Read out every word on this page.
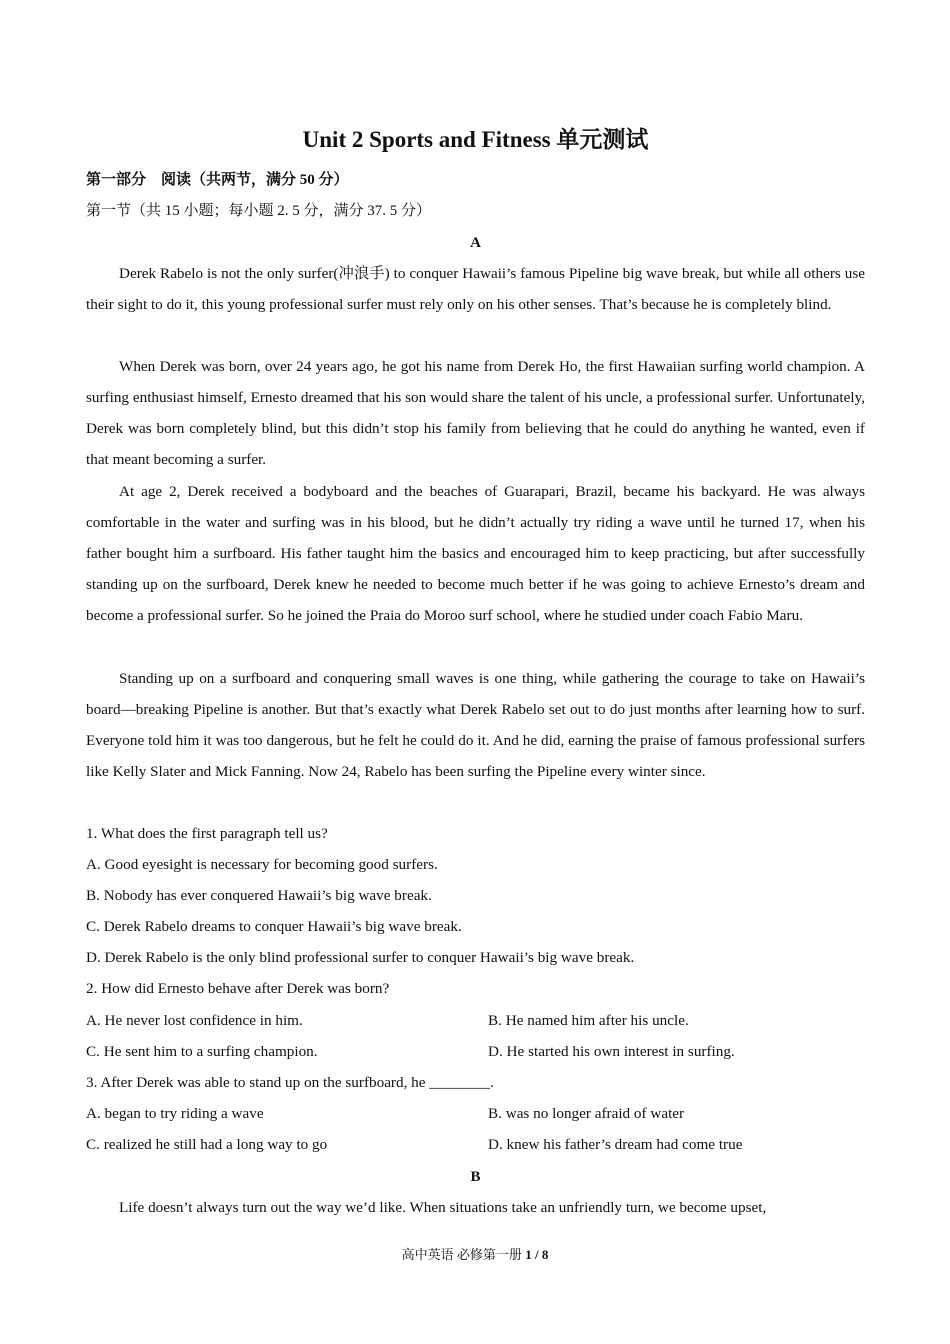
Unit 2 Sports and Fitness 单元测试
第一部分　阅读（共两节，满分 50 分）
第一节（共 15 小题；每小题 2. 5 分，满分 37. 5 分）
A

Derek Rabelo is not the only surfer(冲浪手) to conquer Hawaii’s famous Pipeline big wave break, but while all others use their sight to do it, this young professional surfer must rely only on his other senses. That’s because he is completely blind.

When Derek was born, over 24 years ago, he got his name from Derek Ho, the first Hawaiian surfing world champion. A surfing enthusiast himself, Ernesto dreamed that his son would share the talent of his uncle, a professional surfer. Unfortunately, Derek was born completely blind, but this didn’t stop his family from believing that he could do anything he wanted, even if that meant becoming a surfer.

At age 2, Derek received a bodyboard and the beaches of Guarapari, Brazil, became his backyard. He was always comfortable in the water and surfing was in his blood, but he didn’t actually try riding a wave until he turned 17, when his father bought him a surfboard. His father taught him the basics and encouraged him to keep practicing, but after successfully standing up on the surfboard, Derek knew he needed to become much better if he was going to achieve Ernesto’s dream and become a professional surfer. So he joined the Praia do Moroo surf school, where he studied under coach Fabio Maru.

Standing up on a surfboard and conquering small waves is one thing, while gathering the courage to take on Hawaii’s board—breaking Pipeline is another. But that’s exactly what Derek Rabelo set out to do just months after learning how to surf. Everyone told him it was too dangerous, but he felt he could do it. And he did, earning the praise of famous professional surfers like Kelly Slater and Mick Fanning. Now 24, Rabelo has been surfing the Pipeline every winter since.

1. What does the first paragraph tell us?
A. Good eyesight is necessary for becoming good surfers.
B. Nobody has ever conquered Hawaii’s big wave break.
C. Derek Rabelo dreams to conquer Hawaii’s big wave break.
D. Derek Rabelo is the only blind professional surfer to conquer Hawaii’s big wave break.
2. How did Ernesto behave after Derek was born?
A. He never lost confidence in him.	B. He named him after his uncle.
C. He sent him to a surfing champion.	D. He started his own interest in surfing.
3. After Derek was able to stand up on the surfboard, he ________.
A. began to try riding a wave	B. was no longer afraid of water
C. realized he still had a long way to go	D. knew his father’s dream had come true
B

Life doesn’t always turn out the way we’d like. When situations take an unfriendly turn, we become upset,

高中英语 必修第一册 1 / 8
